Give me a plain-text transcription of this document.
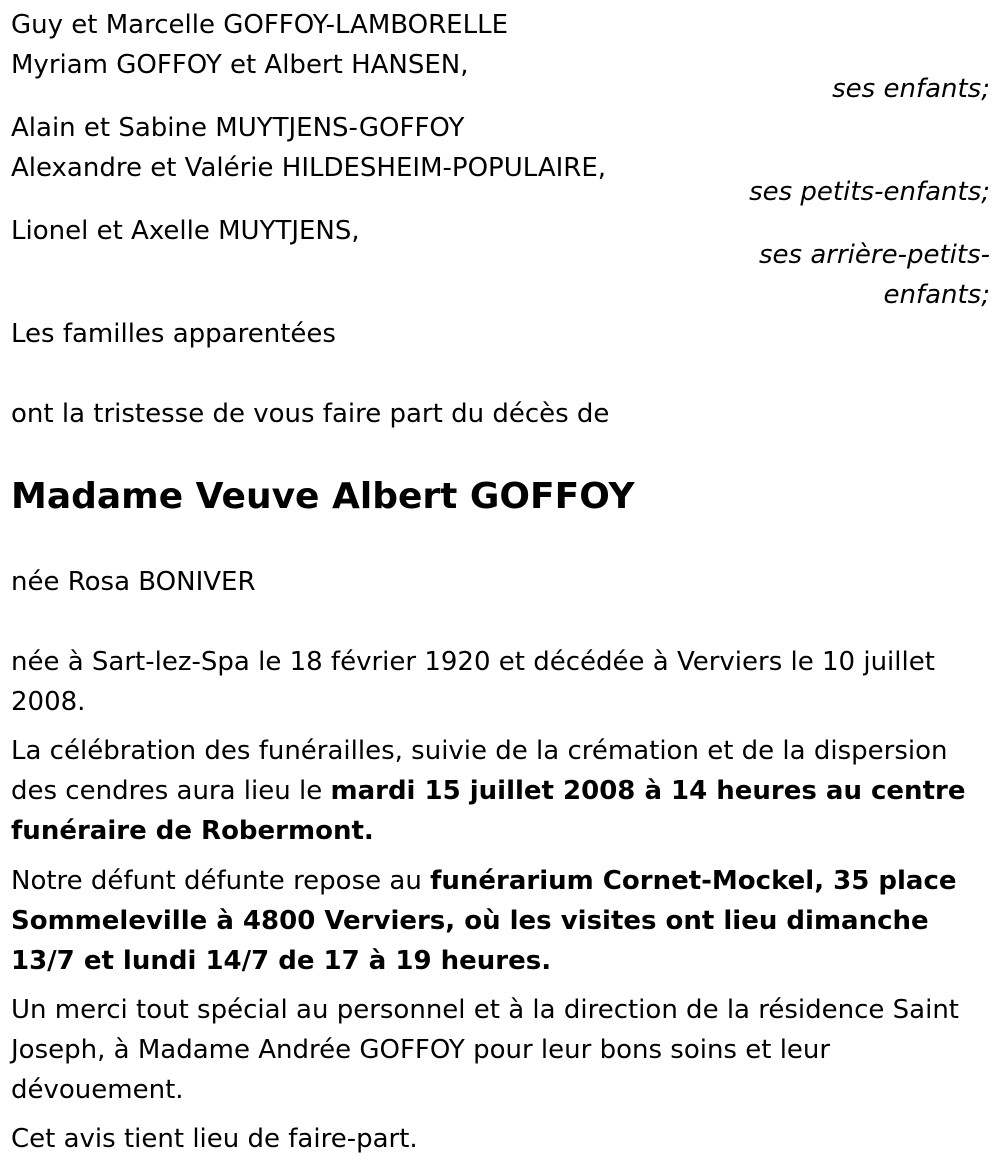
Guy et Marcelle GOFFOY-LAMBORELLE
Myriam GOFFOY et Albert HANSEN,
ses enfants;
Alain et Sabine MUYTJENS-GOFFOY
Alexandre et Valérie HILDESHEIM-POPULAIRE,
ses petits-enfants;
Lionel et Axelle MUYTJENS,
ses arrière-petits-
enfants;
Les familles apparentées
ont la tristesse de vous faire part du décès de
Madame Veuve Albert GOFFOY
née Rosa BONIVER
née à Sart-lez-Spa le 18 février 1920 et décédée à Verviers le 10 juillet 2008.
La célébration des funérailles, suivie de la crémation et de la dispersion des cendres aura lieu le mardi 15 juillet 2008 à 14 heures au centre funéraire de Robermont.
Notre défunt défunte repose au funérarium Cornet-Mockel, 35 place Sommeleville à 4800 Verviers, où les visites ont lieu dimanche 13/7 et lundi 14/7 de 17 à 19 heures.
Un merci tout spécial au personnel et à la direction de la résidence Saint Joseph, à Madame Andrée GOFFOY pour leur bons soins et leur dévouement.
Cet avis tient lieu de faire-part.
